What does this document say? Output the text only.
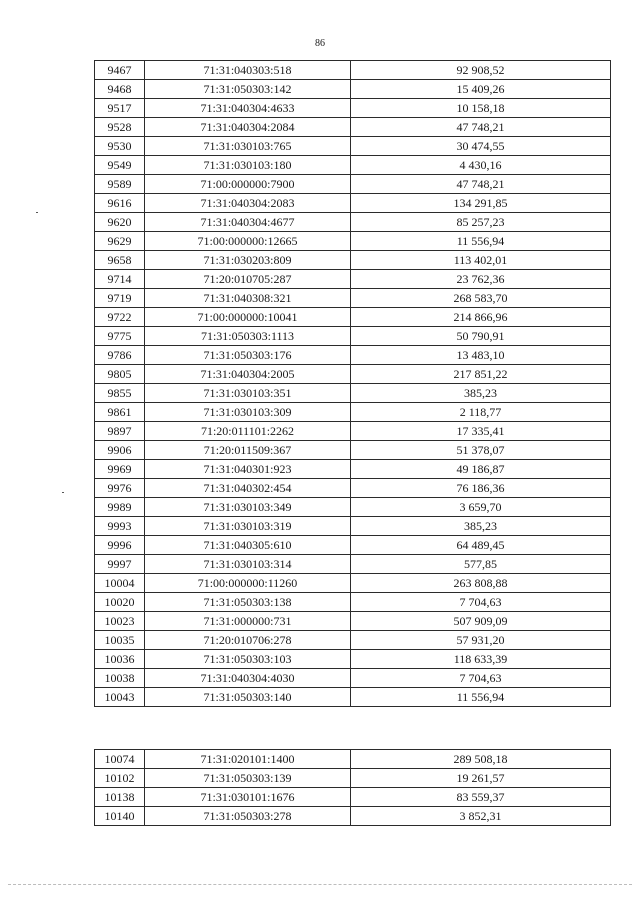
86
9467	71:31:040303:518	92 908,52
9468	71:31:050303:142	15 409,26
9517	71:31:040304:4633	10 158,18
9528	71:31:040304:2084	47 748,21
9530	71:31:030103:765	30 474,55
9549	71:31:030103:180	4 430,16
9589	71:00:000000:7900	47 748,21
9616	71:31:040304:2083	134 291,85
9620	71:31:040304:4677	85 257,23
9629	71:00:000000:12665	11 556,94
9658	71:31:030203:809	113 402,01
9714	71:20:010705:287	23 762,36
9719	71:31:040308:321	268 583,70
9722	71:00:000000:10041	214 866,96
9775	71:31:050303:1113	50 790,91
9786	71:31:050303:176	13 483,10
9805	71:31:040304:2005	217 851,22
9855	71:31:030103:351	385,23
9861	71:31:030103:309	2 118,77
9897	71:20:011101:2262	17 335,41
9906	71:20:011509:367	51 378,07
9969	71:31:040301:923	49 186,87
9976	71:31:040302:454	76 186,36
9989	71:31:030103:349	3 659,70
9993	71:31:030103:319	385,23
9996	71:31:040305:610	64 489,45
9997	71:31:030103:314	577,85
10004	71:00:000000:11260	263 808,88
10020	71:31:050303:138	7 704,63
10023	71:31:000000:731	507 909,09
10035	71:20:010706:278	57 931,20
10036	71:31:050303:103	118 633,39
10038	71:31:040304:4030	7 704,63
10043	71:31:050303:140	11 556,94
10074	71:31:020101:1400	289 508,18
10102	71:31:050303:139	19 261,57
10138	71:31:030101:1676	83 559,37
10140	71:31:050303:278	3 852,31
